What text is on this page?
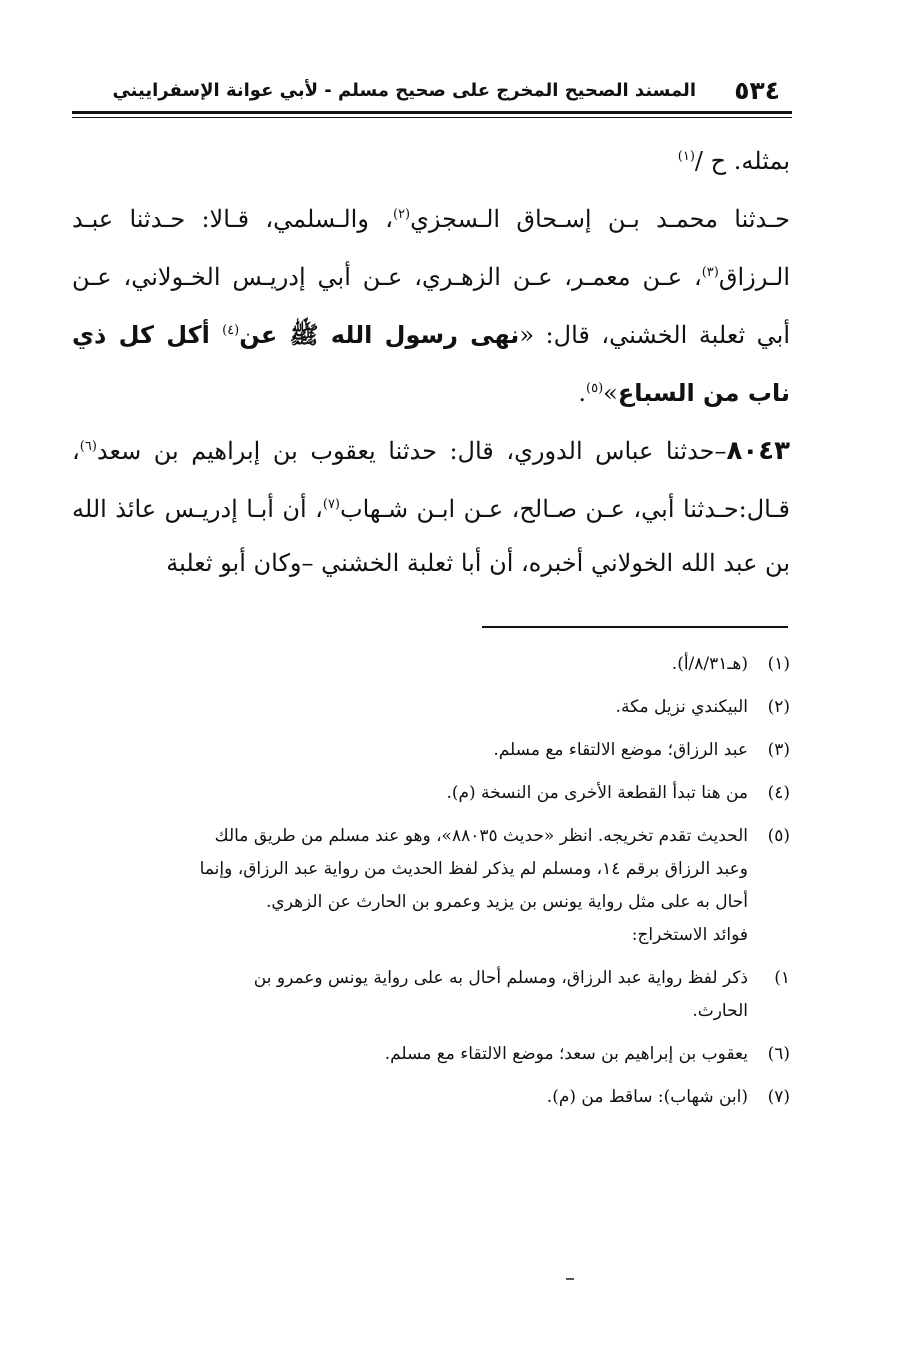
٥٣٤
المسند الصحيح المخرج على صحيح مسلم - لأبي عوانة الإسفراييني

بمثله. ح /$^{(١)}$

حـدثنا محمـد بـن إسـحاق الـسجزي$^{(٢)}$، والـسلمي، قـالا: حـدثنا عبـد الـرزاق$^{(٣)}$، عـن معمـر، عـن الزهـري، عـن أبي إدريـس الخـولاني، عـن أبي ثعلبة الخشني، قال: «نهى رسول الله ﷺ عن$^{(٤)}$ أكل كل ذي ناب من السباع»$^{(٥)}$.

٨٠٤٣–حدثنا عباس الدوري، قال: حدثنا يعقوب بن إبراهيم بن سعد$^{(٦)}$، قـال:حـدثنا أبي، عـن صـالح، عـن ابـن شـهاب$^{(٧)}$، أن أبـا إدريـس عائذ الله بن عبد الله الخولاني أخبره، أن أبا ثعلبة الخشني –وكان أبو ثعلبة

(١)
(هـ٨/٣١/أ).
(٢)
البيكندي نزيل مكة.
(٣)
عبد الرزاق؛ موضع الالتقاء مع مسلم.
(٤)
من هنا تبدأ القطعة الأخرى من النسخة (م).
(٥)
الحديث تقدم تخريجه. انظر «حديث ٨٨٠٣٥»، وهو عند مسلم من طريق مالك
وعبد الرزاق برقم ١٤، ومسلم لم يذكر لفظ الحديث من رواية عبد الرزاق، وإنما
أحال به على مثل رواية يونس بن يزيد وعمرو بن الحارث عن الزهري.
فوائد الاستخراج:
١)
ذكر لفظ رواية عبد الرزاق، ومسلم أحال به على رواية يونس وعمرو بن
الحارث.
(٦)
يعقوب بن إبراهيم بن سعد؛ موضع الالتقاء مع مسلم.
(٧)
(ابن شهاب): ساقط من (م).
